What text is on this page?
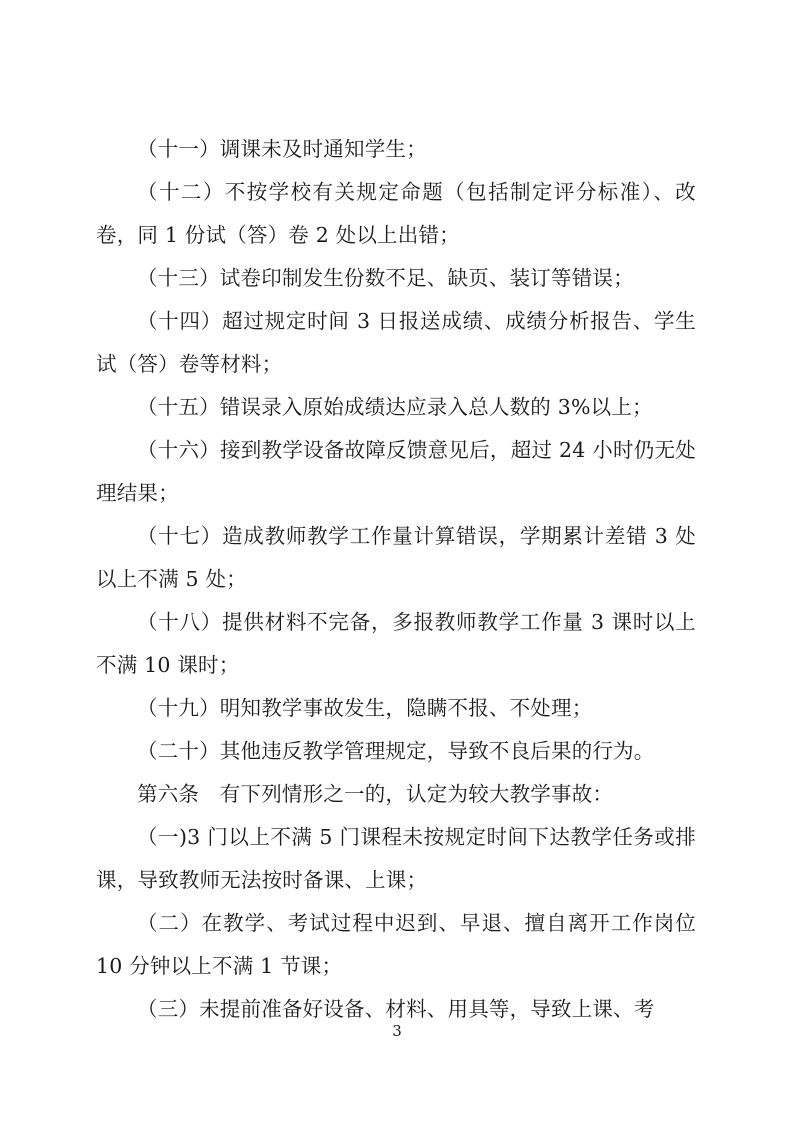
（十一）调课未及时通知学生；

（十二）不按学校有关规定命题（包括制定评分标准）、改卷，同 1 份试（答）卷 2 处以上出错；

（十三）试卷印制发生份数不足、缺页、装订等错误；

（十四）超过规定时间 3 日报送成绩、成绩分析报告、学生试（答）卷等材料；

（十五）错误录入原始成绩达应录入总人数的 3%以上；

（十六）接到教学设备故障反馈意见后，超过 24 小时仍无处理结果；

（十七）造成教师教学工作量计算错误，学期累计差错 3 处以上不满 5 处；

（十八）提供材料不完备，多报教师教学工作量 3 课时以上不满 10 课时；

（十九）明知教学事故发生，隐瞒不报、不处理；

（二十）其他违反教学管理规定，导致不良后果的行为。

第六条　有下列情形之一的，认定为较大教学事故：

（一)3 门以上不满 5 门课程未按规定时间下达教学任务或排课，导致教师无法按时备课、上课；

（二）在教学、考试过程中迟到、早退、擅自离开工作岗位 10 分钟以上不满 1 节课；

（三）未提前准备好设备、材料、用具等，导致上课、考

3
